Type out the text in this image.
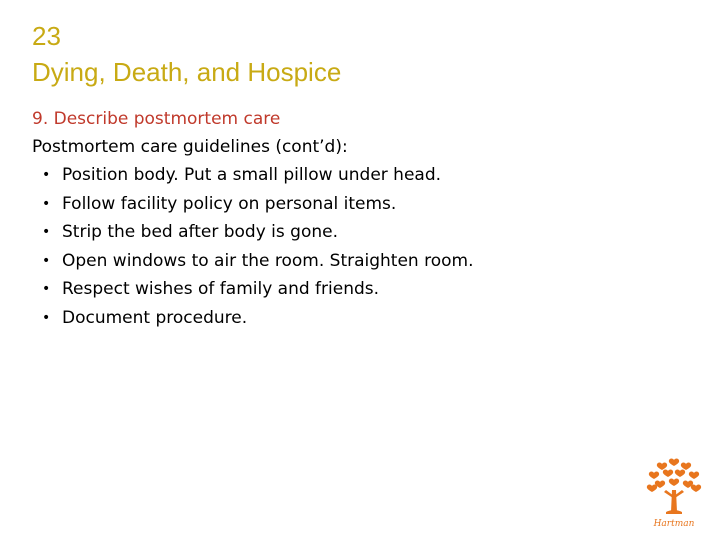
23
Dying, Death, and Hospice
9. Describe postmortem care
Postmortem care guidelines (cont’d):
• Position body. Put a small pillow under head.
• Follow facility policy on personal items.
• Strip the bed after body is gone.
• Open windows to air the room. Straighten room.
• Respect wishes of family and friends.
• Document procedure.
Hartman
